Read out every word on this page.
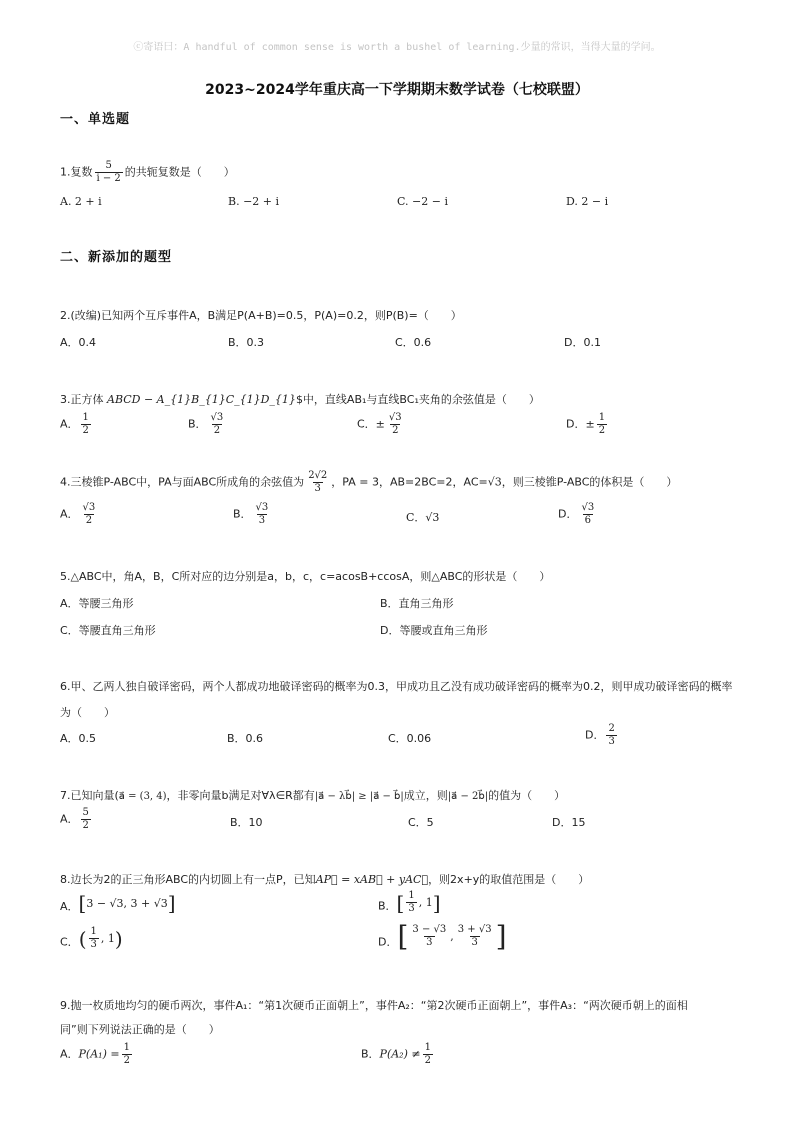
ⓒ寄语曰：A handful of common sense is worth a bushel of learning.少量的常识，当得大量的学问。
2023~2024学年重庆高一下学期期末数学试卷（七校联盟）
一、单选题
1.复数 $\frac{5}{i - 2}$ 的共轭复数是（　　）
A. 2 + i	B. −2 + i	C. −2 − i	D. 2 − i
二、新添加的题型
2.(改编)已知两个互斥事件A，B满足P(A+B)=0.5，P(A)=0.2，则P(B)=（　　）
A．0.4	B．0.3	C．0.6	D．0.1
3.正方体 ABCD − A_{1}B_{1}C_{1}D_{1}$中，直线AB₁与直线BC₁夹角的余弦值是（　　）
A． $\frac{1}{2}$	B． $\frac{√3}{2}$	C．± $\frac{√3}{2}$	D．± $\frac{1}{2}$
4.三棱锥P-ABC中，PA与面ABC所成角的余弦值为 $\frac{2√2}{3}$ ，PA = 3，AB=2BC=2，AC=√3，则三棱锥P-ABC的体积是（　　）
A． $\frac{√3}{2}$	B． $\frac{√3}{3}$	C．√3	D． $\frac{√3}{6}$
5.△ABC中，角A，B，C所对应的边分别是a，b，c，c=acosB+ccosA，则△ABC的形状是（　　）
A．等腰三角形	B．直角三角形
C．等腰直角三角形	D．等腰或直角三角形
6.甲、乙两人独自破译密码，两个人都成功地破译密码的概率为0.3，甲成功且乙没有成功破译密码的概率为0.2，则甲成功破译密码的概率
为（　　）
A．0.5	B．0.6	C．0.06	D． $\frac{2}{3}$
7.已知向量(a⃗ = (3, 4)，非零向量b满足对∀λ∈R都有|a⃗ − λb⃗| ≥ |a⃗ − b⃗|成立，则|a⃗ − 2b⃗|的值为（　　）
A． $\frac{5}{2}$	B．10	C．5	D．15
8.边长为2的正三角形ABC的内切圆上有一点P，已知AP⃗ = xAB⃗ + yAC⃗，则2x+y的取值范围是（　　）
A． [ 3 − √3, 3 + √3 ]	B． [ $\frac{1}{3}$ , 1 ]
C． ( $\frac{1}{3}$ , 1 )	D． [ $\frac{3 - √3}{3}$ , $\frac{3 + √3}{3}$ ]
9.抛一枚质地均匀的硬币两次，事件A₁：“第1次硬币正面朝上”，事件A₂：“第2次硬币正面朝上”，事件A₃：“两次硬币朝上的面相
同”则下列说法正确的是（　　）
A．$P(A_1) = \frac{1}{2}$	B．$P(A_2) \ne \frac{1}{2}$
